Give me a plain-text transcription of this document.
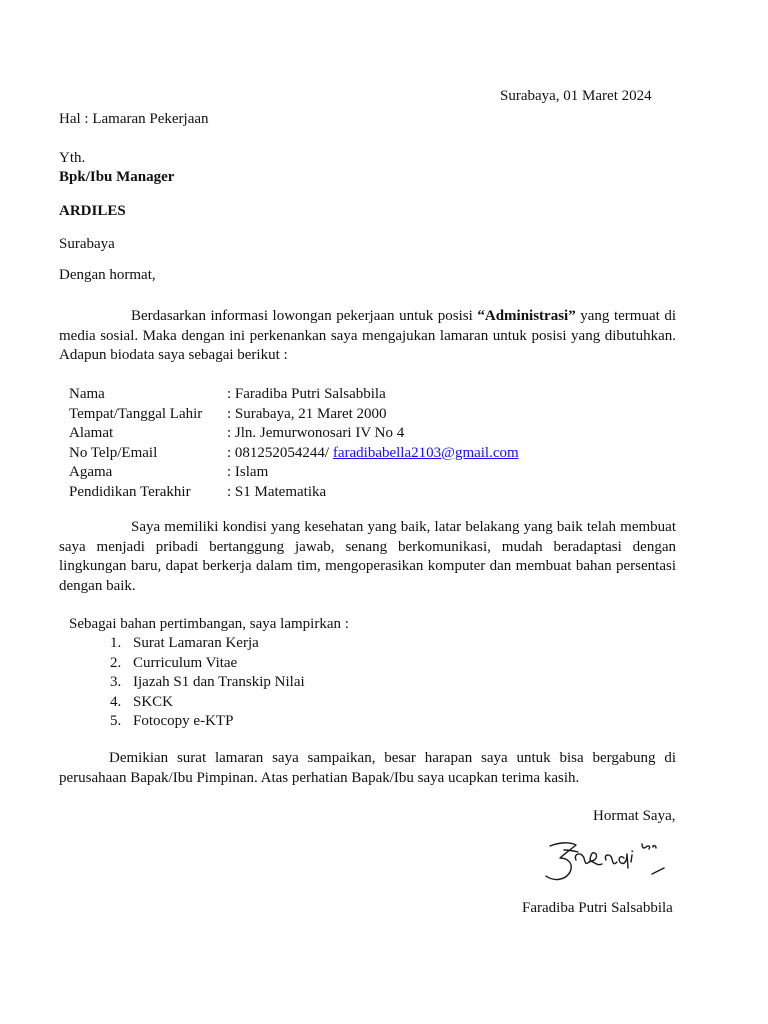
Surabaya, 01 Maret 2024
Hal : Lamaran Pekerjaan
Yth.
Bpk/Ibu Manager
ARDILES
Surabaya
Dengan hormat,
Berdasarkan informasi lowongan pekerjaan untuk posisi “Administrasi” yang termuat di media sosial. Maka dengan ini perkenankan saya mengajukan lamaran untuk posisi yang dibutuhkan. Adapun biodata saya sebagai berikut :
Nama	: Faradiba Putri Salsabbila
Tempat/Tanggal Lahir : Surabaya, 21 Maret 2000
Alamat	: Jln. Jemurwonosari IV No 4
No Telp/Email	: 081252054244/ faradibabella2103@gmail.com
Agama	: Islam
Pendidikan Terakhir : S1 Matematika
Saya memiliki kondisi yang kesehatan yang baik, latar belakang yang baik telah membuat saya menjadi pribadi bertanggung jawab, senang berkomunikasi, mudah beradaptasi dengan lingkungan baru, dapat berkerja dalam tim, mengoperasikan komputer dan membuat bahan persentasi dengan baik.
Sebagai bahan pertimbangan, saya lampirkan :
1. Surat Lamaran Kerja
2. Curriculum Vitae
3. Ijazah S1 dan Transkip Nilai
4. SKCK
5. Fotocopy e-KTP
Demikian surat lamaran saya sampaikan, besar harapan saya untuk bisa bergabung di perusahaan Bapak/Ibu Pimpinan. Atas perhatian Bapak/Ibu saya ucapkan terima kasih.
Hormat Saya,
Faradiba Putri Salsabbila
